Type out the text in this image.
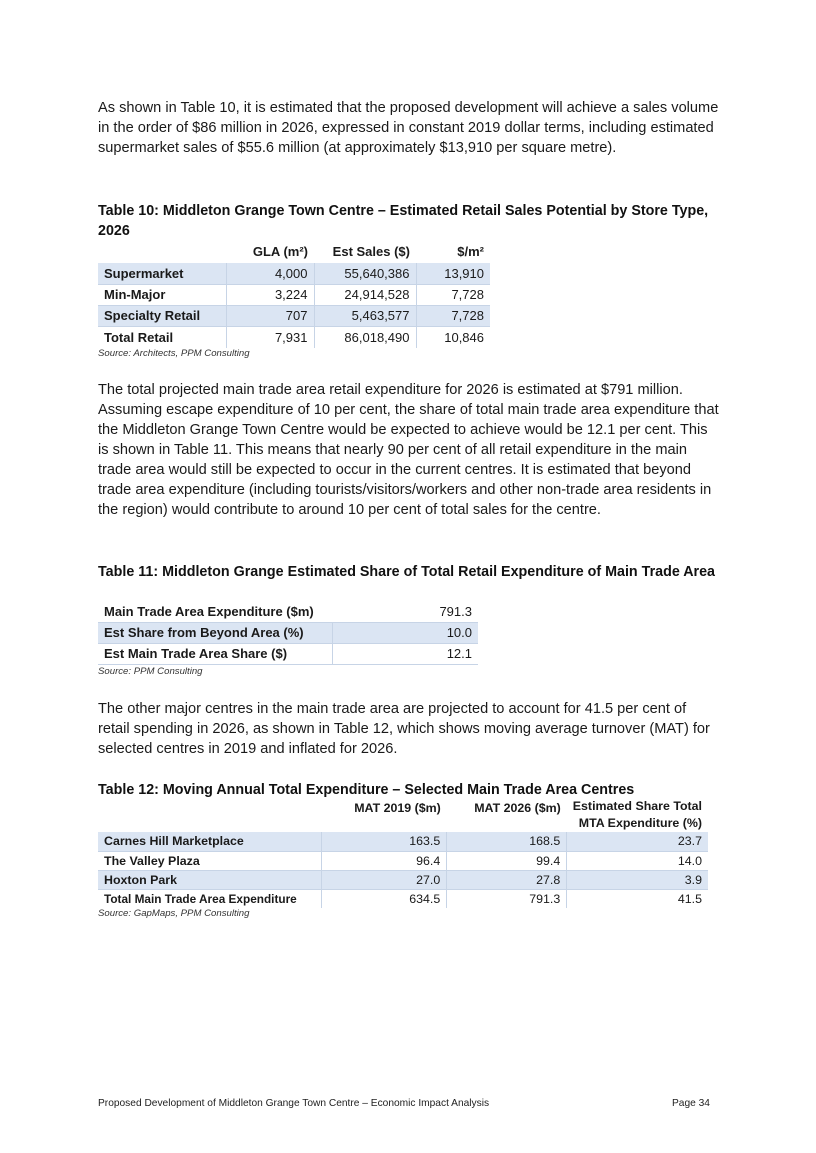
As shown in Table 10, it is estimated that the proposed development will achieve a sales volume in the order of $86 million in 2026, expressed in constant 2019 dollar terms, including estimated supermarket sales of $55.6 million (at approximately $13,910 per square metre).

Table 10: Middleton Grange Town Centre – Estimated Retail Sales Potential by Store Type, 2026

	GLA (m²)	Est Sales ($)	$/m²
Supermarket	4,000	55,640,386	13,910
Min-Major	3,224	24,914,528	7,728
Specialty Retail	707	5,463,577	7,728
Total Retail	7,931	86,018,490	10,846

Source: Architects, PPM Consulting

The total projected main trade area retail expenditure for 2026 is estimated at $791 million. Assuming escape expenditure of 10 per cent, the share of total main trade area expenditure that the Middleton Grange Town Centre would be expected to achieve would be 12.1 per cent. This is shown in Table 11. This means that nearly 90 per cent of all retail expenditure in the main trade area would still be expected to occur in the current centres. It is estimated that beyond trade area expenditure (including tourists/visitors/workers and other non-trade area residents in the region) would contribute to around 10 per cent of total sales for the centre.

Table 11: Middleton Grange Estimated Share of Total Retail Expenditure of Main Trade Area

Main Trade Area Expenditure ($m)	791.3
Est Share from Beyond Area (%)	10.0
Est Main Trade Area Share ($)	12.1

Source: PPM Consulting

The other major centres in the main trade area are projected to account for 41.5 per cent of retail spending in 2026, as shown in Table 12, which shows moving average turnover (MAT) for selected centres in 2019 and inflated for 2026.

Table 12: Moving Annual Total Expenditure – Selected Main Trade Area Centres

	MAT 2019 ($m)	MAT 2026 ($m)	Estimated Share Total
MTA Expenditure (%)

Carnes Hill Marketplace	163.5	168.5	23.7
The Valley Plaza	96.4	99.4	14.0
Hoxton Park	27.0	27.8	3.9
Total Main Trade Area Expenditure	634.5	791.3	41.5

Source: GapMaps, PPM Consulting

Proposed Development of Middleton Grange Town Centre – Economic Impact Analysis	Page 34
